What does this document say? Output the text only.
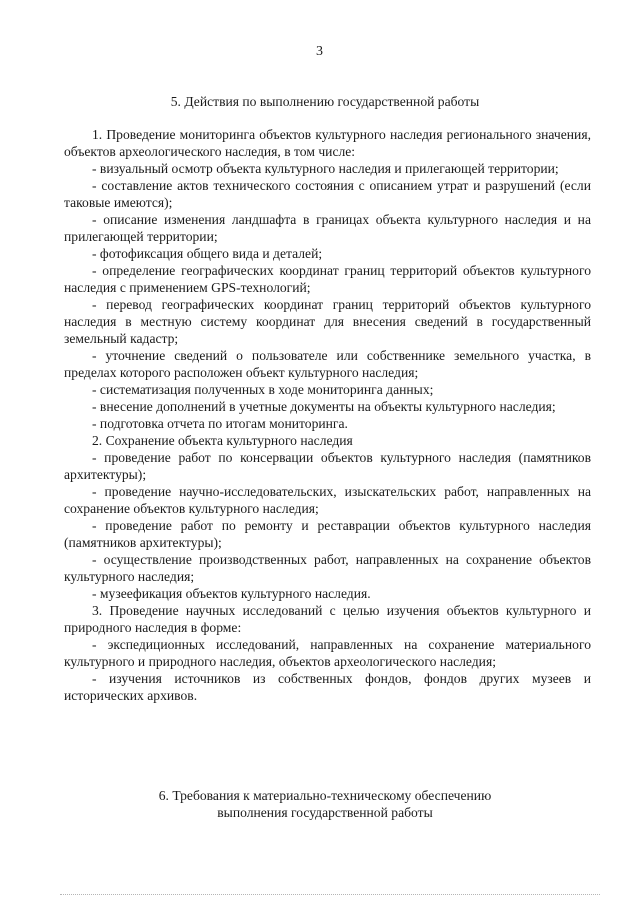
3
5. Действия по выполнению государственной работы

1. Проведение мониторинга объектов культурного наследия регионального значения, объектов археологического наследия, в том числе:

- визуальный осмотр объекта культурного наследия и прилегающей территории;

- составление актов технического состояния с описанием утрат и разрушений (если таковые имеются);

- описание изменения ландшафта в границах объекта культурного наследия и на прилегающей территории;

- фотофиксация общего вида и деталей;

- определение географических координат границ территорий объектов культурного наследия с применением GPS-технологий;

- перевод географических координат границ территорий объектов культурного наследия в местную систему координат для внесения сведений в государственный земельный кадастр;

- уточнение сведений о пользователе или собственнике земельного участка, в пределах которого расположен объект культурного наследия;

- систематизация полученных в ходе мониторинга данных;

- внесение дополнений в учетные документы на объекты культурного наследия;

- подготовка отчета по итогам мониторинга.

2. Сохранение объекта культурного наследия

- проведение работ по консервации объектов культурного наследия (памятников архитектуры);

- проведение научно-исследовательских, изыскательских работ, направленных на сохранение объектов культурного наследия;

- проведение работ по ремонту и реставрации объектов культурного наследия (памятников архитектуры);

- осуществление производственных работ, направленных на сохранение объектов культурного наследия;

- музеефикация объектов культурного наследия.

3. Проведение научных исследований с целью изучения объектов культурного и природного наследия в форме:

- экспедиционных исследований, направленных на сохранение материального культурного и природного наследия, объектов археологического наследия;

- изучения источников из собственных фондов, фондов других музеев и исторических архивов.

6. Требования к материально-техническому обеспечению
выполнения государственной работы
